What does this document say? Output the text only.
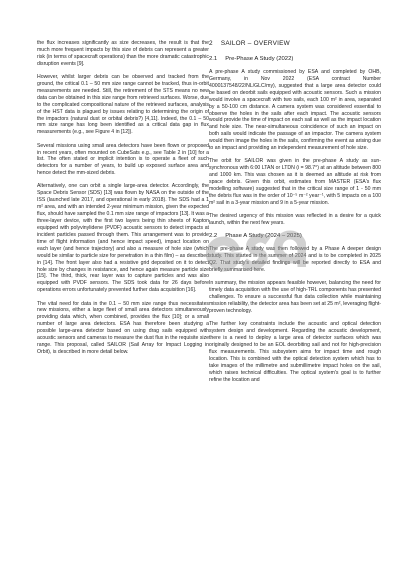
the flux increases significantly as size decreases, the result is that the much more frequent impacts by this size of debris can represent a greater risk (in terms of spacecraft operations) than the more dramatic catastrophic disruption events [9].

However, whilst larger debris can be observed and tracked from the ground, the critical 0.1 – 50 mm size range cannot be tracked, thus in-orbit measurements are needed. Still, the retirement of the STS means no new data can be obtained in this size range from retrieved surfaces. Worse, due to the complicated compositional nature of the retrieved surfaces, analysis of the HST data is plagued by issues relating to determining the origin of the impactors (natural dust or orbital debris?) [4,11]. Indeed, the 0.1 – 50 mm size range has long been identified as a critical data gap in flux measurements (e.g., see Figure 4 in [12]).

Several missions using small area detectors have been flown or proposed in recent years, often mounted on CubeSats e.g., see Table 2 in [10] for a list. The often stated or implicit intention is to operate a fleet of such detectors for a number of years, to build up exposed surface area and hence detect the mm-sized debris.

Alternatively, one can orbit a single large-area detector. Accordingly, the Space Debris Sensor (SDS) [13] was flown by NASA on the outside of the ISS (launched late 2017, and operational in early 2018). The SDS had a 1 m² area, and with an intended 2-year minimum mission, given the expected flux, should have sampled the 0.1 mm size range of impactors [13]. It was a three-layer device, with the first two layers being thin sheets of Kapton equipped with polyvinylidene (PVDF) acoustic sensors to detect impacts at incident particles passed through them. This arrangement was to provide time of flight information (and hence impact speed), impact location on each layer (and hence trajectory) and also a measure of hole size (which would be similar to particle size for penetration in a thin film) – as described in [14]. The front layer also had a resistive grid deposited on it to detect hole size by changes in resistance, and hence again measure particle size [15]. The third, thick, rear layer was to capture particles and was also equipped with PVDF sensors. The SDS took data for 26 days before operations errors unfortunately prevented further data acquisition [16].

The vital need for data in the 0.1 – 50 mm size range thus necessitates new missions, either a large fleet of small area detectors simultaneously providing data which, when combined, provides the flux [10]; or a small number of large area detectors. ESA has therefore been studying a possible large-area detector based on using drag sails equipped with acoustic sensors and cameras to measure the dust flux in the requisite size range. This proposal, called SAILOR (Sail Array for Impact Logging in Orbit), is described in more detail below.

2 SAILOR – OVERVIEW
2.1 Pre-Phase A Study (2022)

A pre-phase A study commissioned by ESA and completed by OHB, Germany, in Nov 2022 (ESA contract Number 4000137548/22/NL/GLC/my), suggested that a large area detector could be based on deorbit sails equipped with acoustic sensors. Such a mission would involve a spacecraft with two sails, each 100 m² in area, separated by a 50-100 cm distance. A camera system was considered essential to observe the holes in the sails after each impact. The acoustic sensors would provide the time of impact on each sail as well as the impact location and hole size. The near-simultaneous coincidence of such an impact on both sails would indicate the passage of an impactor. The camera system would then image the holes in the sails, confirming the event as arising due to an impact and providing an independent measurement of hole size.

The orbit for SAILOR was given in the pre-phase A study as sun-synchronous with 6:00 LTAN or LTDN (i = 98.7°) at an altitude between 800 and 1000 km. This was chosen as it is deemed an altitude at risk from space debris. Given this orbit, estimates from MASTER (ESA's flux modelling software) suggested that in the critical size range of 1 - 50 mm the debris flux was in the order of 10⁻⁵ m⁻² year⁻¹, with 5 impacts on a 100 m² sail in a 3-year mission and 9 in a 5-year mission.

The desired urgency of this mission was reflected in a desire for a quick launch, within the next few years.

2.2 Phase A Study (2024 – 2025)

The pre-phase A study was then followed by a Phase A deeper design study. This started in the summer of 2024 and is to be completed in 2025 Q2. That study's detailed findings will be reported directly to ESA and briefly summarised here.

In summary, the mission appears feasible however, balancing the need for timely data acquisition with the use of high-TRL components has presented challenges. To ensure a successful flux data collection while maintaining mission reliability, the detector area has been set at 25 m², leveraging flight-proven technology.

The further key constraints include the acoustic and optical detection system design and development. Regarding the acoustic development, there is a need to deploy a large area of detector surfaces which was originally designed to be an EOL deorbiting sail and not for high-precision flux measurements. This subsystem aims for impact time and rough location. This is combined with the optical detection system which has to take images of the millimetre and submillimetre impact holes on the sail, which raises technical difficulties. The optical system's goal is to further refine the location and
